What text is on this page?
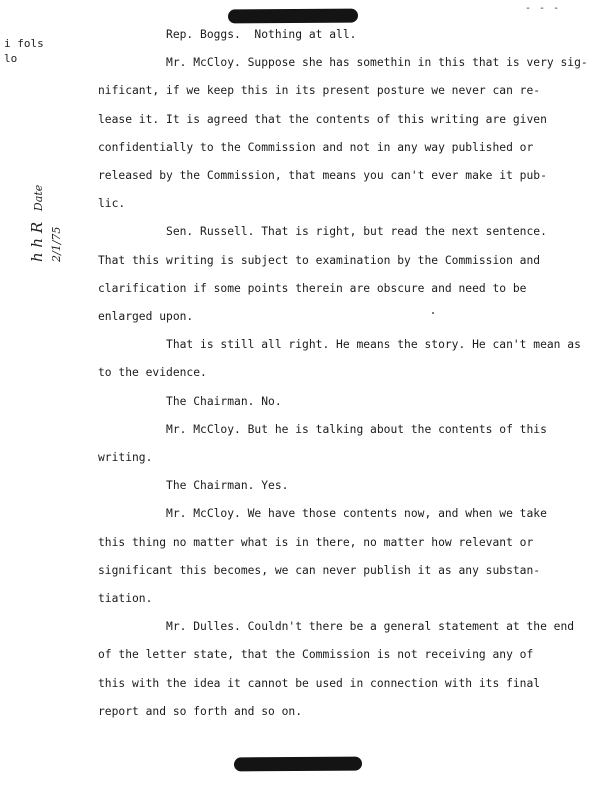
- - -
i fols
lo
h h R Date 2/1/75
Rep. Boggs.  Nothing at all.
Mr. McCloy. Suppose she has somethin in this that is very sig-
nificant, if we keep this in its present posture we never can re-
lease it. It is agreed that the contents of this writing are given
confidentially to the Commission and not in any way published or
released by the Commission, that means you can't ever make it pub-
lic.
Sen. Russell. That is right, but read the next sentence.
That this writing is subject to examination by the Commission and
clarification if some points therein are obscure and need to be
enlarged upon.
That is still all right. He means the story. He can't mean as
to the evidence.
The Chairman. No.
Mr. McCloy. But he is talking about the contents of this
writing.
The Chairman. Yes.
Mr. McCloy. We have those contents now, and when we take
this thing no matter what is in there, no matter how relevant or
significant this becomes, we can never publish it as any substan-
tiation.
Mr. Dulles. Couldn't there be a general statement at the end
of the letter state, that the Commission is not receiving any of
this with the idea it cannot be used in connection with its final
report and so forth and so on.
